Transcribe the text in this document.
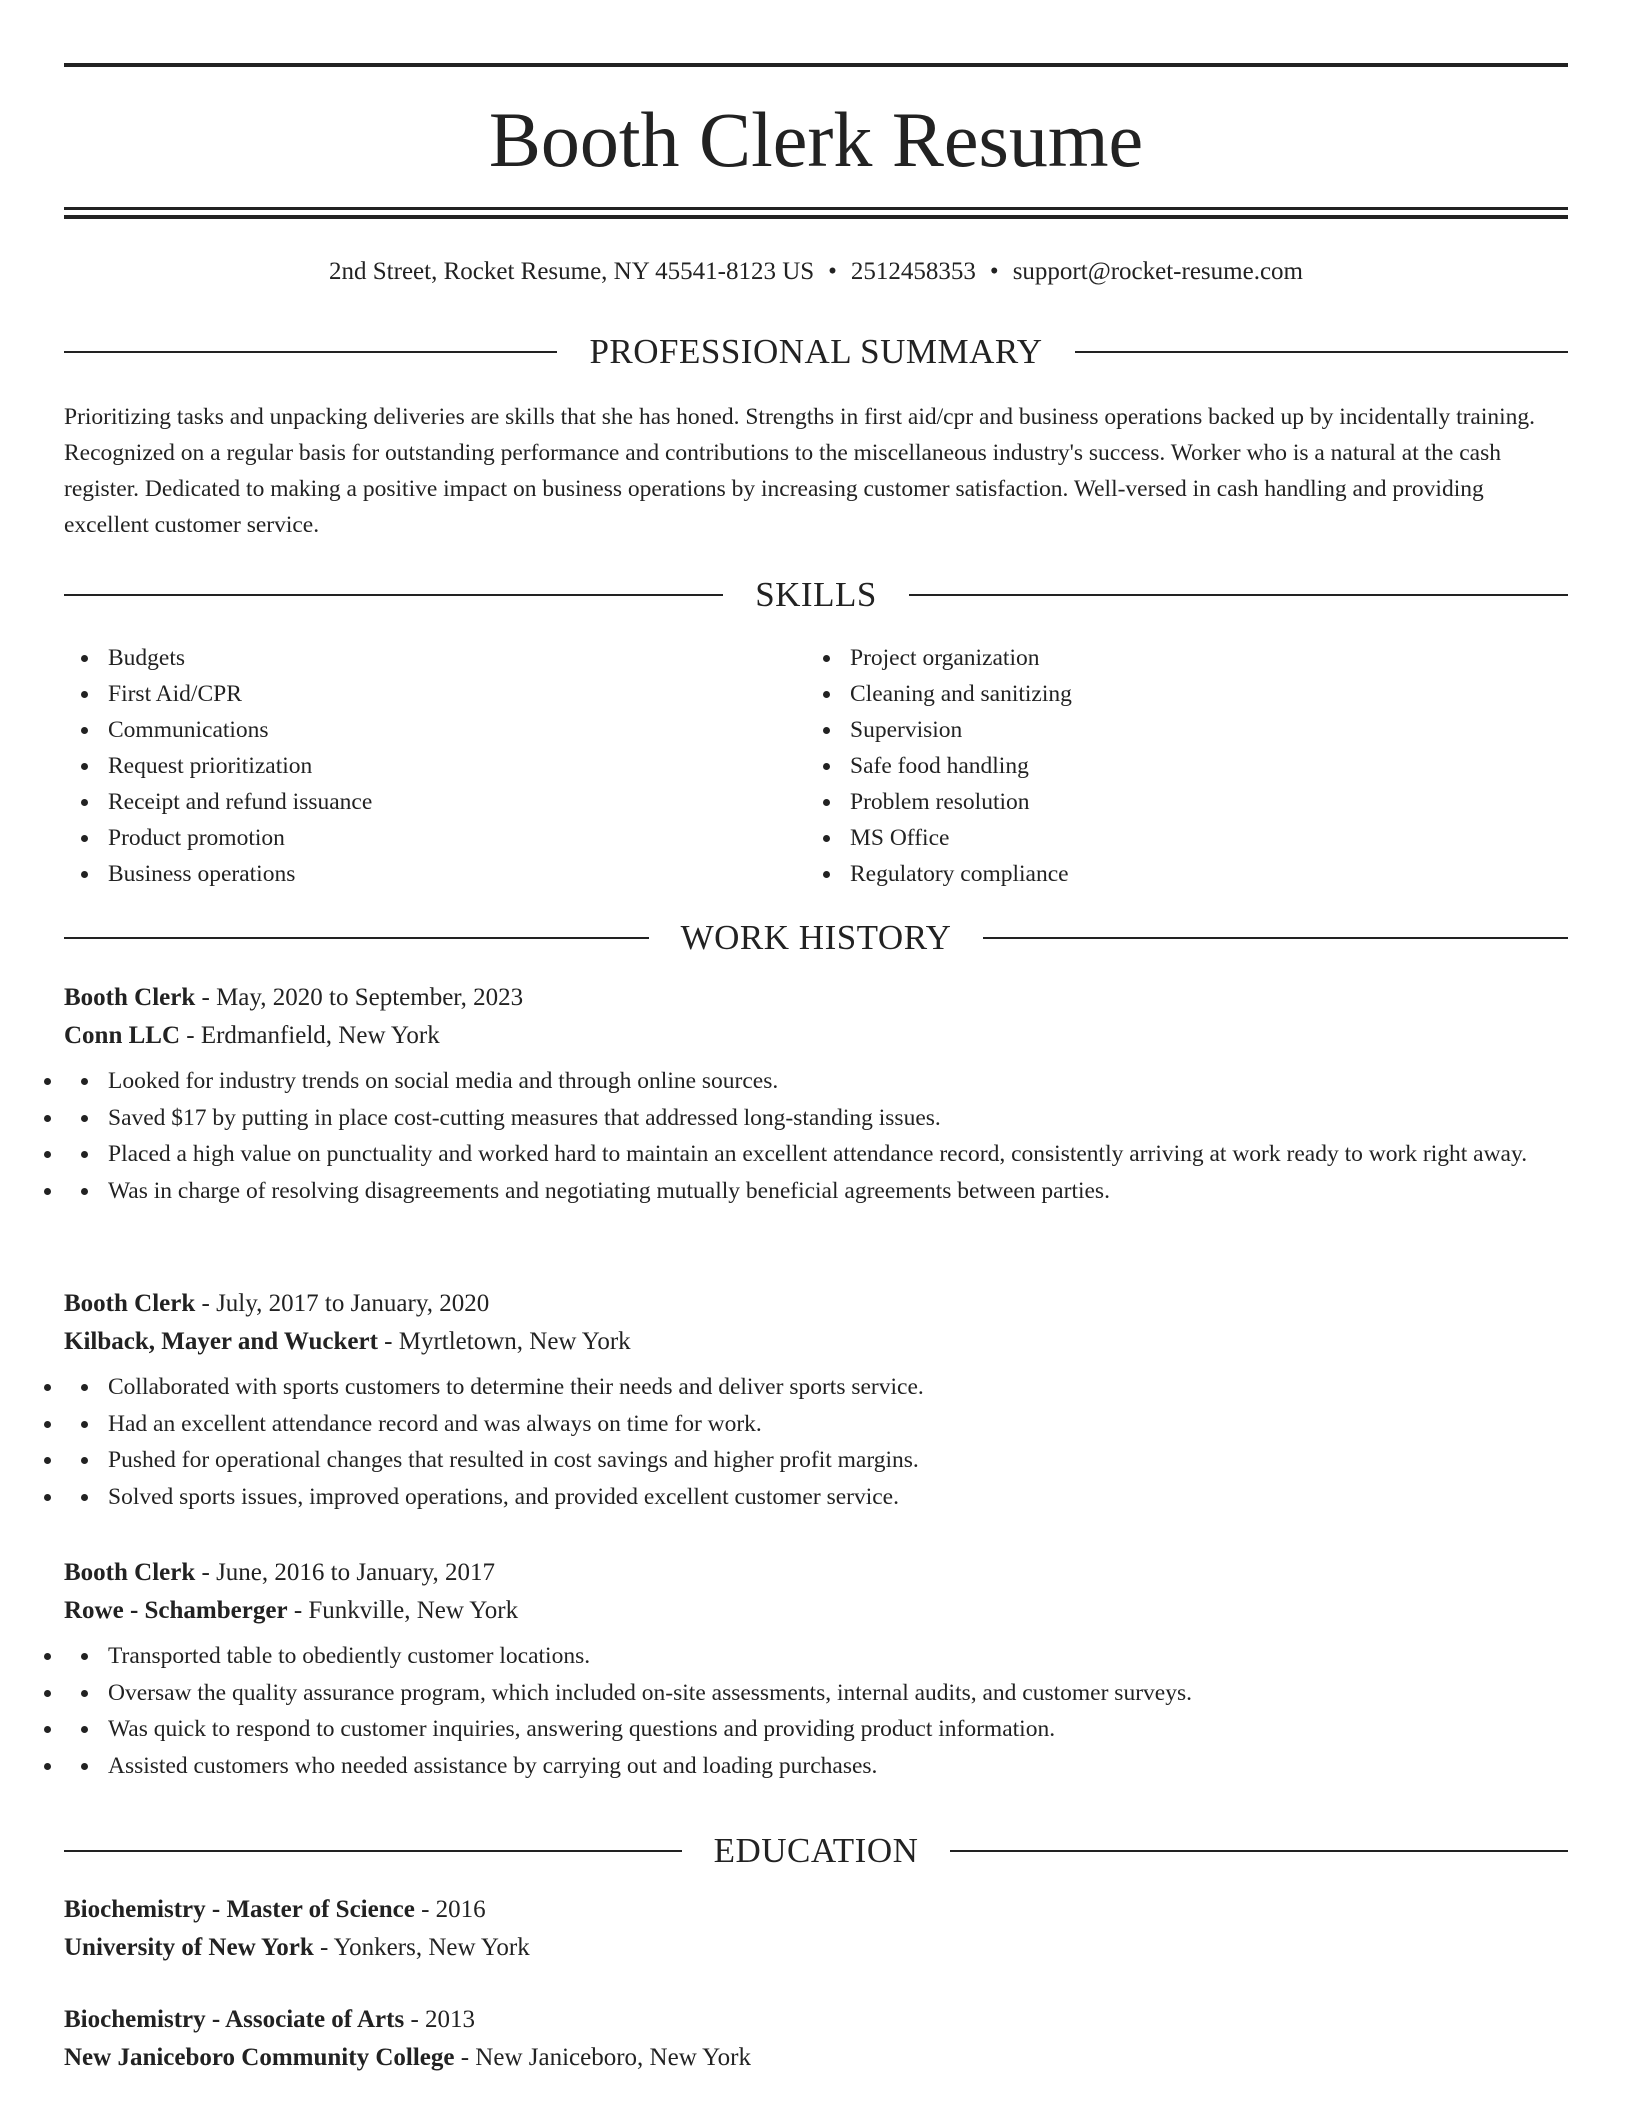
Booth Clerk Resume
2nd Street, Rocket Resume, NY 45541-8123 US • 2512458353 • support@rocket-resume.com
PROFESSIONAL SUMMARY

Prioritizing tasks and unpacking deliveries are skills that she has honed. Strengths in first aid/cpr and business operations backed up by incidentally training. Recognized on a regular basis for outstanding performance and contributions to the miscellaneous industry's success. Worker who is a natural at the cash register. Dedicated to making a positive impact on business operations by increasing customer satisfaction. Well-versed in cash handling and providing excellent customer service.

SKILLS
Budgets
First Aid/CPR
Communications
Request prioritization
Receipt and refund issuance
Product promotion
Business operations
Project organization
Cleaning and sanitizing
Supervision
Safe food handling
Problem resolution
MS Office
Regulatory compliance
WORK HISTORY
Booth Clerk - May, 2020 to September, 2023
Conn LLC - Erdmanfield, New York
• Looked for industry trends on social media and through online sources.
• Saved $17 by putting in place cost-cutting measures that addressed long-standing issues.
• Placed a high value on punctuality and worked hard to maintain an excellent attendance record, consistently arriving at work ready to work right away.
• Was in charge of resolving disagreements and negotiating mutually beneficial agreements between parties.
Booth Clerk - July, 2017 to January, 2020
Kilback, Mayer and Wuckert - Myrtletown, New York
• Collaborated with sports customers to determine their needs and deliver sports service.
• Had an excellent attendance record and was always on time for work.
• Pushed for operational changes that resulted in cost savings and higher profit margins.
• Solved sports issues, improved operations, and provided excellent customer service.
Booth Clerk - June, 2016 to January, 2017
Rowe - Schamberger - Funkville, New York
• Transported table to obediently customer locations.
• Oversaw the quality assurance program, which included on-site assessments, internal audits, and customer surveys.
• Was quick to respond to customer inquiries, answering questions and providing product information.
• Assisted customers who needed assistance by carrying out and loading purchases.
EDUCATION
Biochemistry - Master of Science - 2016
University of New York - Yonkers, New York
Biochemistry - Associate of Arts - 2013
New Janiceboro Community College - New Janiceboro, New York
